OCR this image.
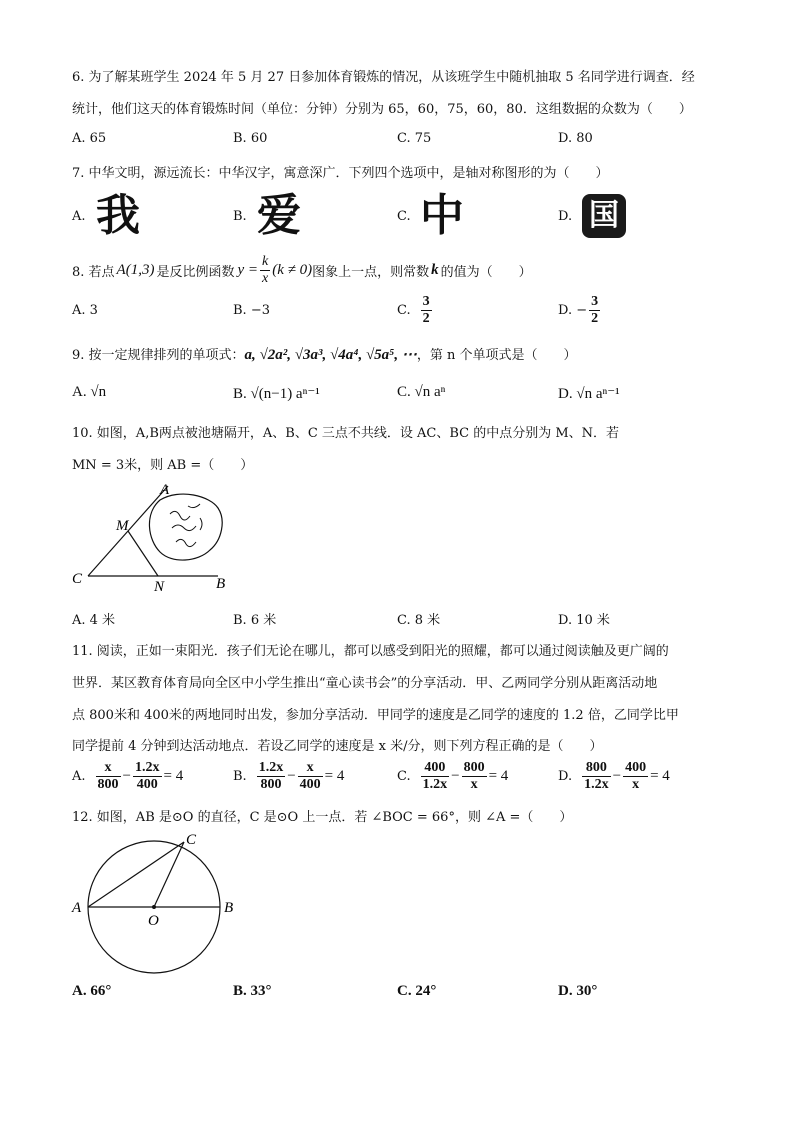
6. 为了解某班学生 2024 年 5 月 27 日参加体育锻炼的情况，从该班学生中随机抽取 5 名同学进行调查．经
统计，他们这天的体育锻炼时间（单位：分钟）分别为 65，60，75，60，80．这组数据的众数为（　　）
A. 65	B. 60	C. 75	D. 80
7. 中华文明，源远流长：中华汉字，寓意深广．下列四个选项中，是轴对称图形的为（　　）
A. 我	B. 爱	C. 中	D. 国
8. 若点 A(1,3) 是反比例函数 $y = \frac{k}{x} (k \ne 0)$ 图象上一点，则常数 k 的值为（　　）
A. 3	B. −3	C. $\frac{3}{2}$	D. − $\frac{3}{2}$
9. 按一定规律排列的单项式：a, √2a², √3a³, √4a⁴, √5a⁵, ⋯，第 n 个单项式是（　　）
A. √n	B. √(n−1) aⁿ⁻¹	C. √n aⁿ	D. √n aⁿ⁻¹
10. 如图，A,B两点被池塘隔开，A、B、C 三点不共线．设 AC、BC 的中点分别为 M、N．若
MN = 3米，则 AB =（　　）
A
M
C	N	B
A. 4 米	B. 6 米	C. 8 米	D. 10 米
11. 阅读，正如一束阳光．孩子们无论在哪儿，都可以感受到阳光的照耀，都可以通过阅读触及更广阔的
世界．某区教育体育局向全区中小学生推出“童心读书会”的分享活动．甲、乙两同学分别从距离活动地
点 800米和 400米的两地同时出发，参加分享活动．甲同学的速度是乙同学的速度的 1.2 倍，乙同学比甲
同学提前 4 分钟到达活动地点．若设乙同学的速度是 x 米/分，则下列方程正确的是（　　）
A. $\frac{x}{800} - \frac{1.2x}{400} = 4$	B. $\frac{1.2x}{800} - \frac{x}{400} = 4$	C. $\frac{400}{1.2x} - \frac{800}{x} = 4$	D. $\frac{800}{1.2x} - \frac{400}{x} = 4$
12. 如图，AB 是⊙O 的直径，C 是⊙O 上一点．若 ∠BOC = 66°，则 ∠A =（　　）
A	B
C
O
A. 66°	B. 33°	C. 24°	D. 30°
